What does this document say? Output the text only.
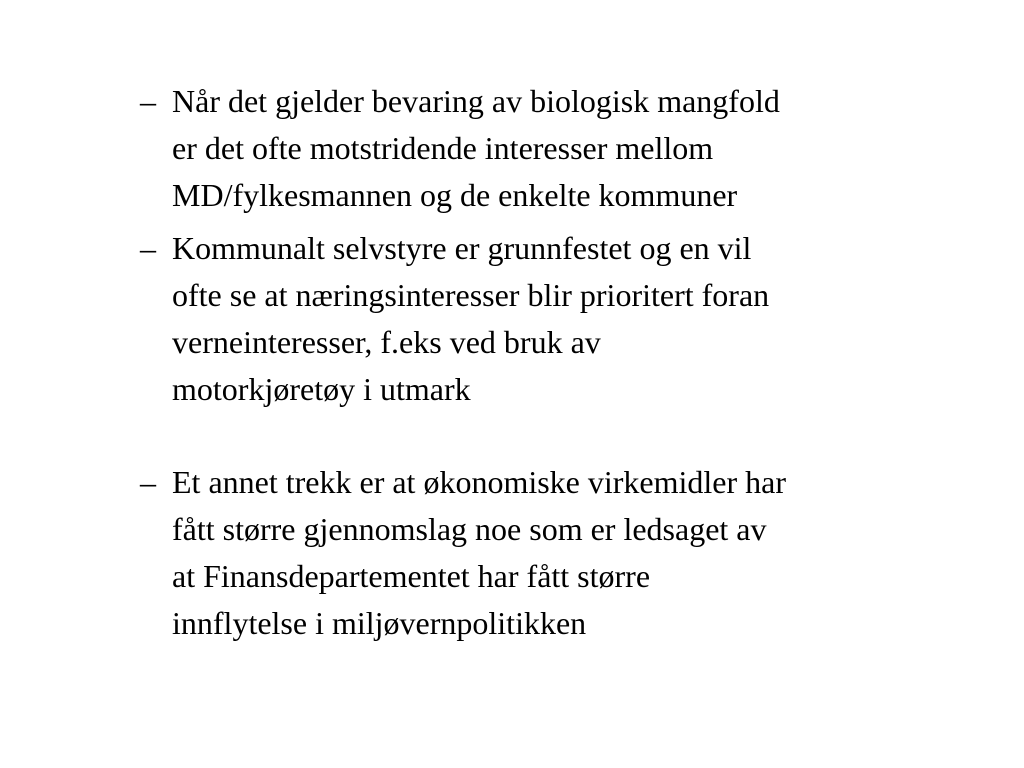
– Når det gjelder bevaring av biologisk mangfold
er det ofte motstridende interesser mellom
MD/fylkesmannen og de enkelte kommuner
– Kommunalt selvstyre er grunnfestet og en vil
ofte se at næringsinteresser blir prioritert foran
verneinteresser, f.eks ved bruk av
motorkjøretøy i utmark
– Et annet trekk er at økonomiske virkemidler har
fått større gjennomslag noe som er ledsaget av
at Finansdepartementet har fått større
innflytelse i miljøvernpolitikken
